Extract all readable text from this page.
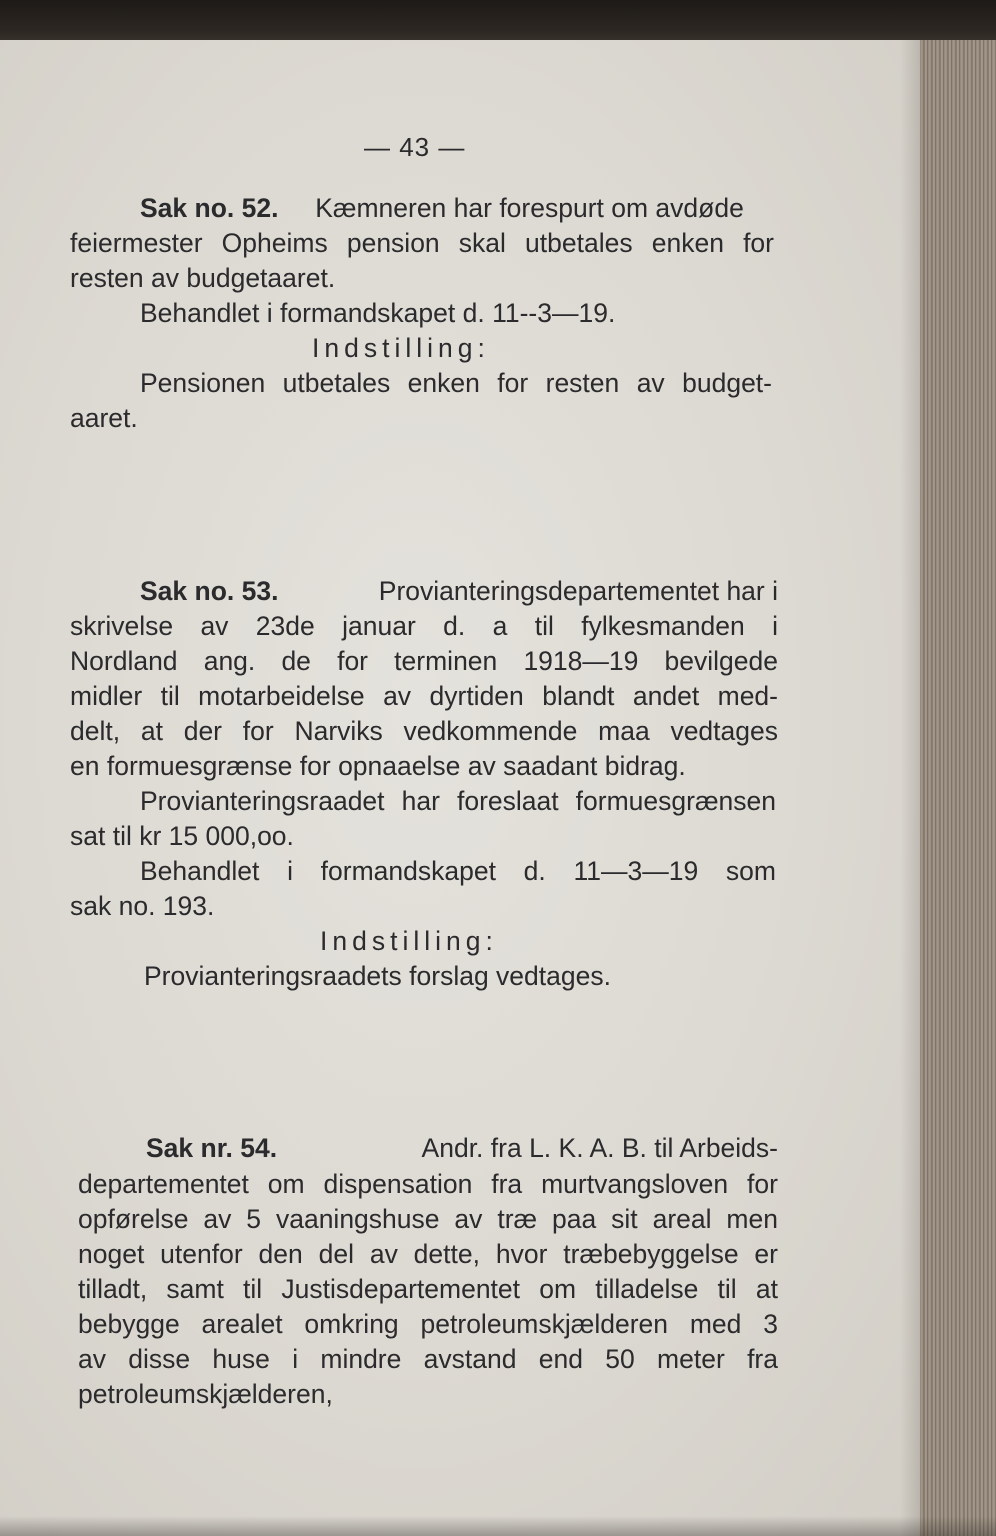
— 43 —
Sak no. 52. Kæmneren har forespurt om avdøde
feiermester Opheims pension skal utbetales enken for
resten av budgetaaret.
Behandlet i formandskapet d. 11--3—19.
Indstilling:
Pensionen utbetales enken for resten av budget-
aaret.
Sak no. 53.	Provianteringsdepartementet har i
skrivelse av 23de januar d. a til fylkesmanden i
Nordland ang. de for terminen 1918—19 bevilgede
midler til motarbeidelse av dyrtiden blandt andet med-
delt, at der for Narviks vedkommende maa vedtages
en formuesgrænse for opnaaelse av saadant bidrag.
Provianteringsraadet har foreslaat formuesgrænsen
sat til kr 15 000,oo.
Behandlet i formandskapet d. 11—3—19 som
sak no. 193.
Indstilling:
Provianteringsraadets forslag vedtages.
Sak nr. 54.	Andr. fra L. K. A. B. til Arbeids-
departementet om dispensation fra murtvangsloven for
opførelse av 5 vaaningshuse av træ paa sit areal men
noget utenfor den del av dette, hvor træbebyggelse er
tilladt, samt til Justisdepartementet om tilladelse til at
bebygge arealet omkring petroleumskjælderen med 3
av disse huse i mindre avstand end 50 meter fra
petroleumskjælderen,
